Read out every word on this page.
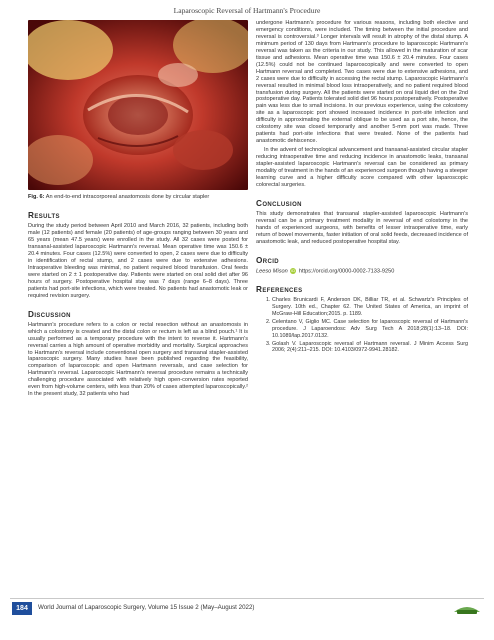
Laparoscopic Reversal of Hartmann's Procedure
Fig. 6: An end-to-end intracorporeal anastomosis done by circular stapler
Results

During the study period between April 2010 and March 2016, 32 patients, including both male (12 patients) and female (20 patients) of age-groups ranging between 30 years and 65 years (mean 47.5 years) were enrolled in the study. All 32 cases were posted for transanal-assisted laparoscopic Hartmann's reversal. Mean operative time was 150.6 ± 20.4 minutes. Four cases (12.5%) were converted to open, 2 cases were due to difficulty in identification of rectal stump, and 2 cases were due to extensive adhesions. Intraoperative bleeding was minimal, no patient required blood transfusion. Oral feeds were started on 2 ± 1 postoperative day. Patients were started on oral solid diet after 96 hours of surgery. Postoperative hospital stay was 7 days (range 6–8 days). Three patients had port-site infections, which were treated. No patients had anastomotic leak or required revision surgery.

Discussion

Hartmann's procedure refers to a colon or rectal resection without an anastomosis in which a colostomy is created and the distal colon or rectum is left as a blind pouch.¹ It is usually performed as a temporary procedure with the intent to reverse it. Hartmann's reversal carries a high amount of operative morbidity and mortality. Surgical approaches to Hartmann's reversal include conventional open surgery and transanal stapler-assisted laparoscopic surgery. Many studies have been published regarding the feasibility, comparison of laparoscopic and open Hartmann reversals, and case selection for Hartmann's reversal. Laparoscopic Hartmann's reversal procedure remains a technically challenging procedure associated with relatively high open-conversion rates reported even from high-volume centers, with less than 20% of cases attempted laparoscopically.² In the present study, 32 patients who had

undergone Hartmann's procedure for various reasons, including both elective and emergency conditions, were included. The timing between the initial procedure and reversal is controversial.³ Longer intervals will result in atrophy of the distal stump. A minimum period of 130 days from Hartmann's procedure to laparoscopic Hartmann's reversal was taken as the criteria in our study. This allowed in the maturation of scar tissue and adhesions. Mean operative time was 150.6 ± 20.4 minutes. Four cases (12.5%) could not be continued laparoscopically and were converted to open Hartmann reversal and completed. Two cases were due to extensive adhesions, and 2 cases were due to difficulty in accessing the rectal stump. Laparoscopic Hartmann's reversal resulted in minimal blood loss intraoperatively, and no patient required blood transfusion during surgery. All the patients were started on oral liquid diet on the 2nd postoperative day. Patients tolerated solid diet 96 hours postoperatively. Postoperative pain was less due to small incisions. In our previous experience, using the colostomy site as a laparoscopic port showed increased incidence in port-site infection and difficulty in approximating the external oblique to be used as a port site, hence, the colostomy site was closed temporarily and another 5-mm port was made. Three patients had port-site infections that were treated. None of the patients had anastomotic dehiscence.

In the advent of technological advancement and transanal-assisted circular stapler reducing intraoperative time and reducing incidence in anastomotic leaks, transanal stapler-assisted laparoscopic Hartmann's reversal can be considered as primary modality of treatment in the hands of an experienced surgeon though having a steeper learning curve and a higher difficulty score compared with other laparoscopic colorectal surgeries.

Conclusion

This study demonstrates that transanal stapler-assisted laparoscopic Hartmann's reversal can be a primary treatment modality in reversal of end colostomy in the hands of experienced surgeons, with benefits of lesser intraoperative time, early return of bowel movements, faster initiation of oral solid feeds, decreased incidence of anastomotic leak, and reduced postoperative hospital stay.

Orcid
Leeso Mison iD https://orcid.org/0000-0002-7133-9250
References
1. Charles Brunicardi F, Anderson DK, Billiar TR, et al. Schwartz's Principles of Surgery. 10th ed., Chapter 62. The United States of America, an imprint of McGraw-Hill Education;2015. p. 1189.
2. Celentano V, Giglio MC. Case selection for laparoscopic reversal of Hartmann's procedure. J Laparoendosc Adv Surg Tech A 2018;28(1):13–18. DOI: 10.1089/lap.2017.0132.
3. Golash V. Laparoscopic reversal of Hartmann reversal. J Minim Access Surg 2006; 2(4):211–215. DOI: 10.4103/0972-9941.28182.
184	World Journal of Laparoscopic Surgery, Volume 15 Issue 2 (May–August 2022)
